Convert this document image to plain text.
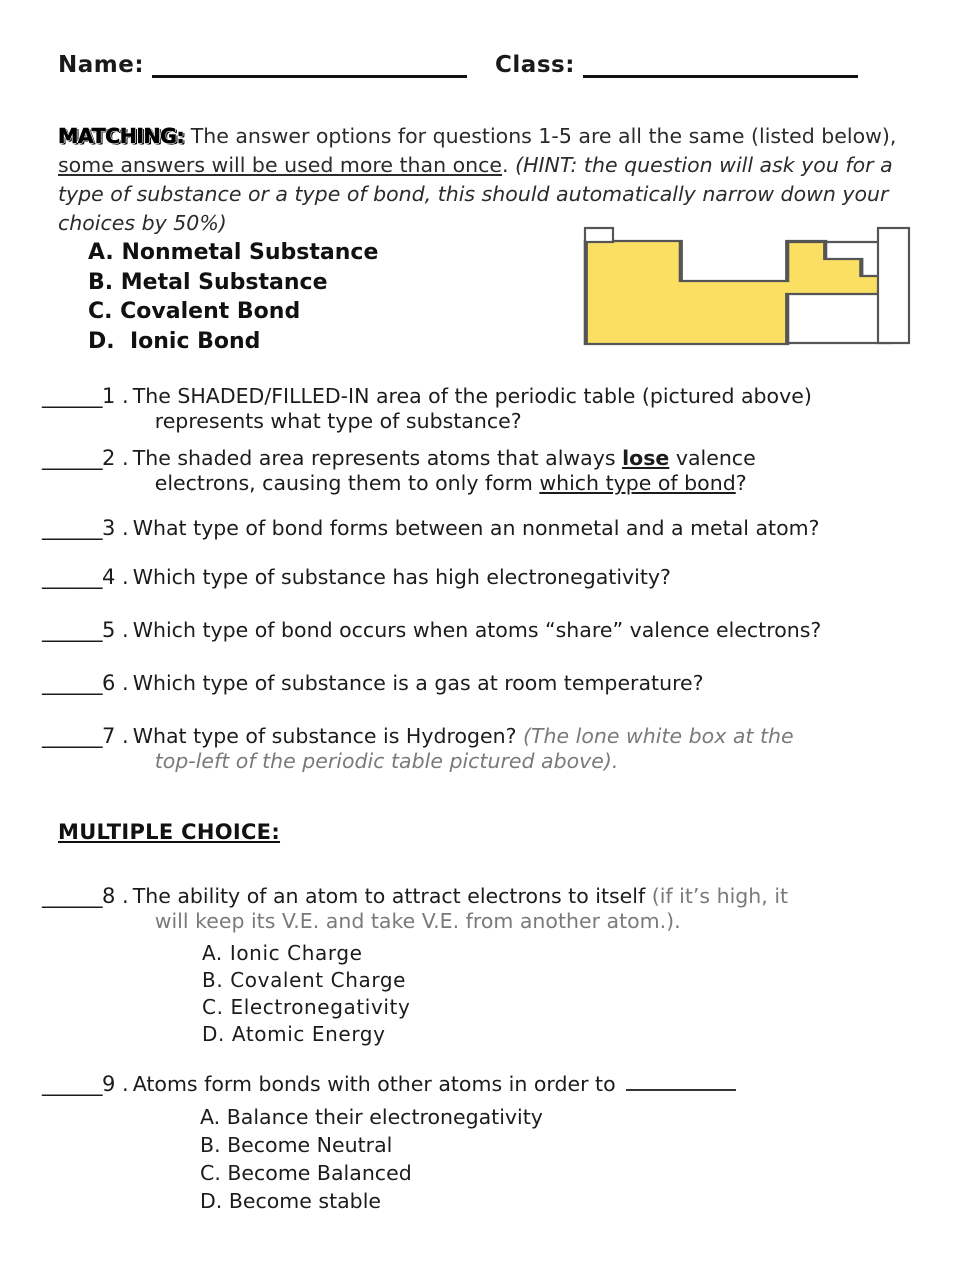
Name:	Class:
MATCHING: The answer options for questions 1-5 are all the same (listed below), some answers will be used more than once. (HINT: the question will ask you for a type of substance or a type of bond, this should automatically narrow down your choices by 50%)
A. Nonmetal Substance
B. Metal Substance
C. Covalent Bond
D.  Ionic Bond
______ 1 . The SHADED/FILLED-IN area of the periodic table (pictured above)
represents what type of substance?
______ 2 . The shaded area represents atoms that always lose valence
electrons, causing them to only form which type of bond?
______ 3 . What type of bond forms between an nonmetal and a metal atom?
______ 4 . Which type of substance has high electronegativity?
______ 5 . Which type of bond occurs when atoms “share” valence electrons?
______ 6 . Which type of substance is a gas at room temperature?
______ 7 . What type of substance is Hydrogen? (The lone white box at the
top-left of the periodic table pictured above).
MULTIPLE CHOICE:
______ 8 . The ability of an atom to attract electrons to itself (if it’s high, it
will keep its V.E. and take V.E. from another atom.).
A. Ionic Charge
B. Covalent Charge
C. Electronegativity
D. Atomic Energy
______ 9 . Atoms form bonds with other atoms in order to
A. Balance their electronegativity
B. Become Neutral
C. Become Balanced
D. Become stable
